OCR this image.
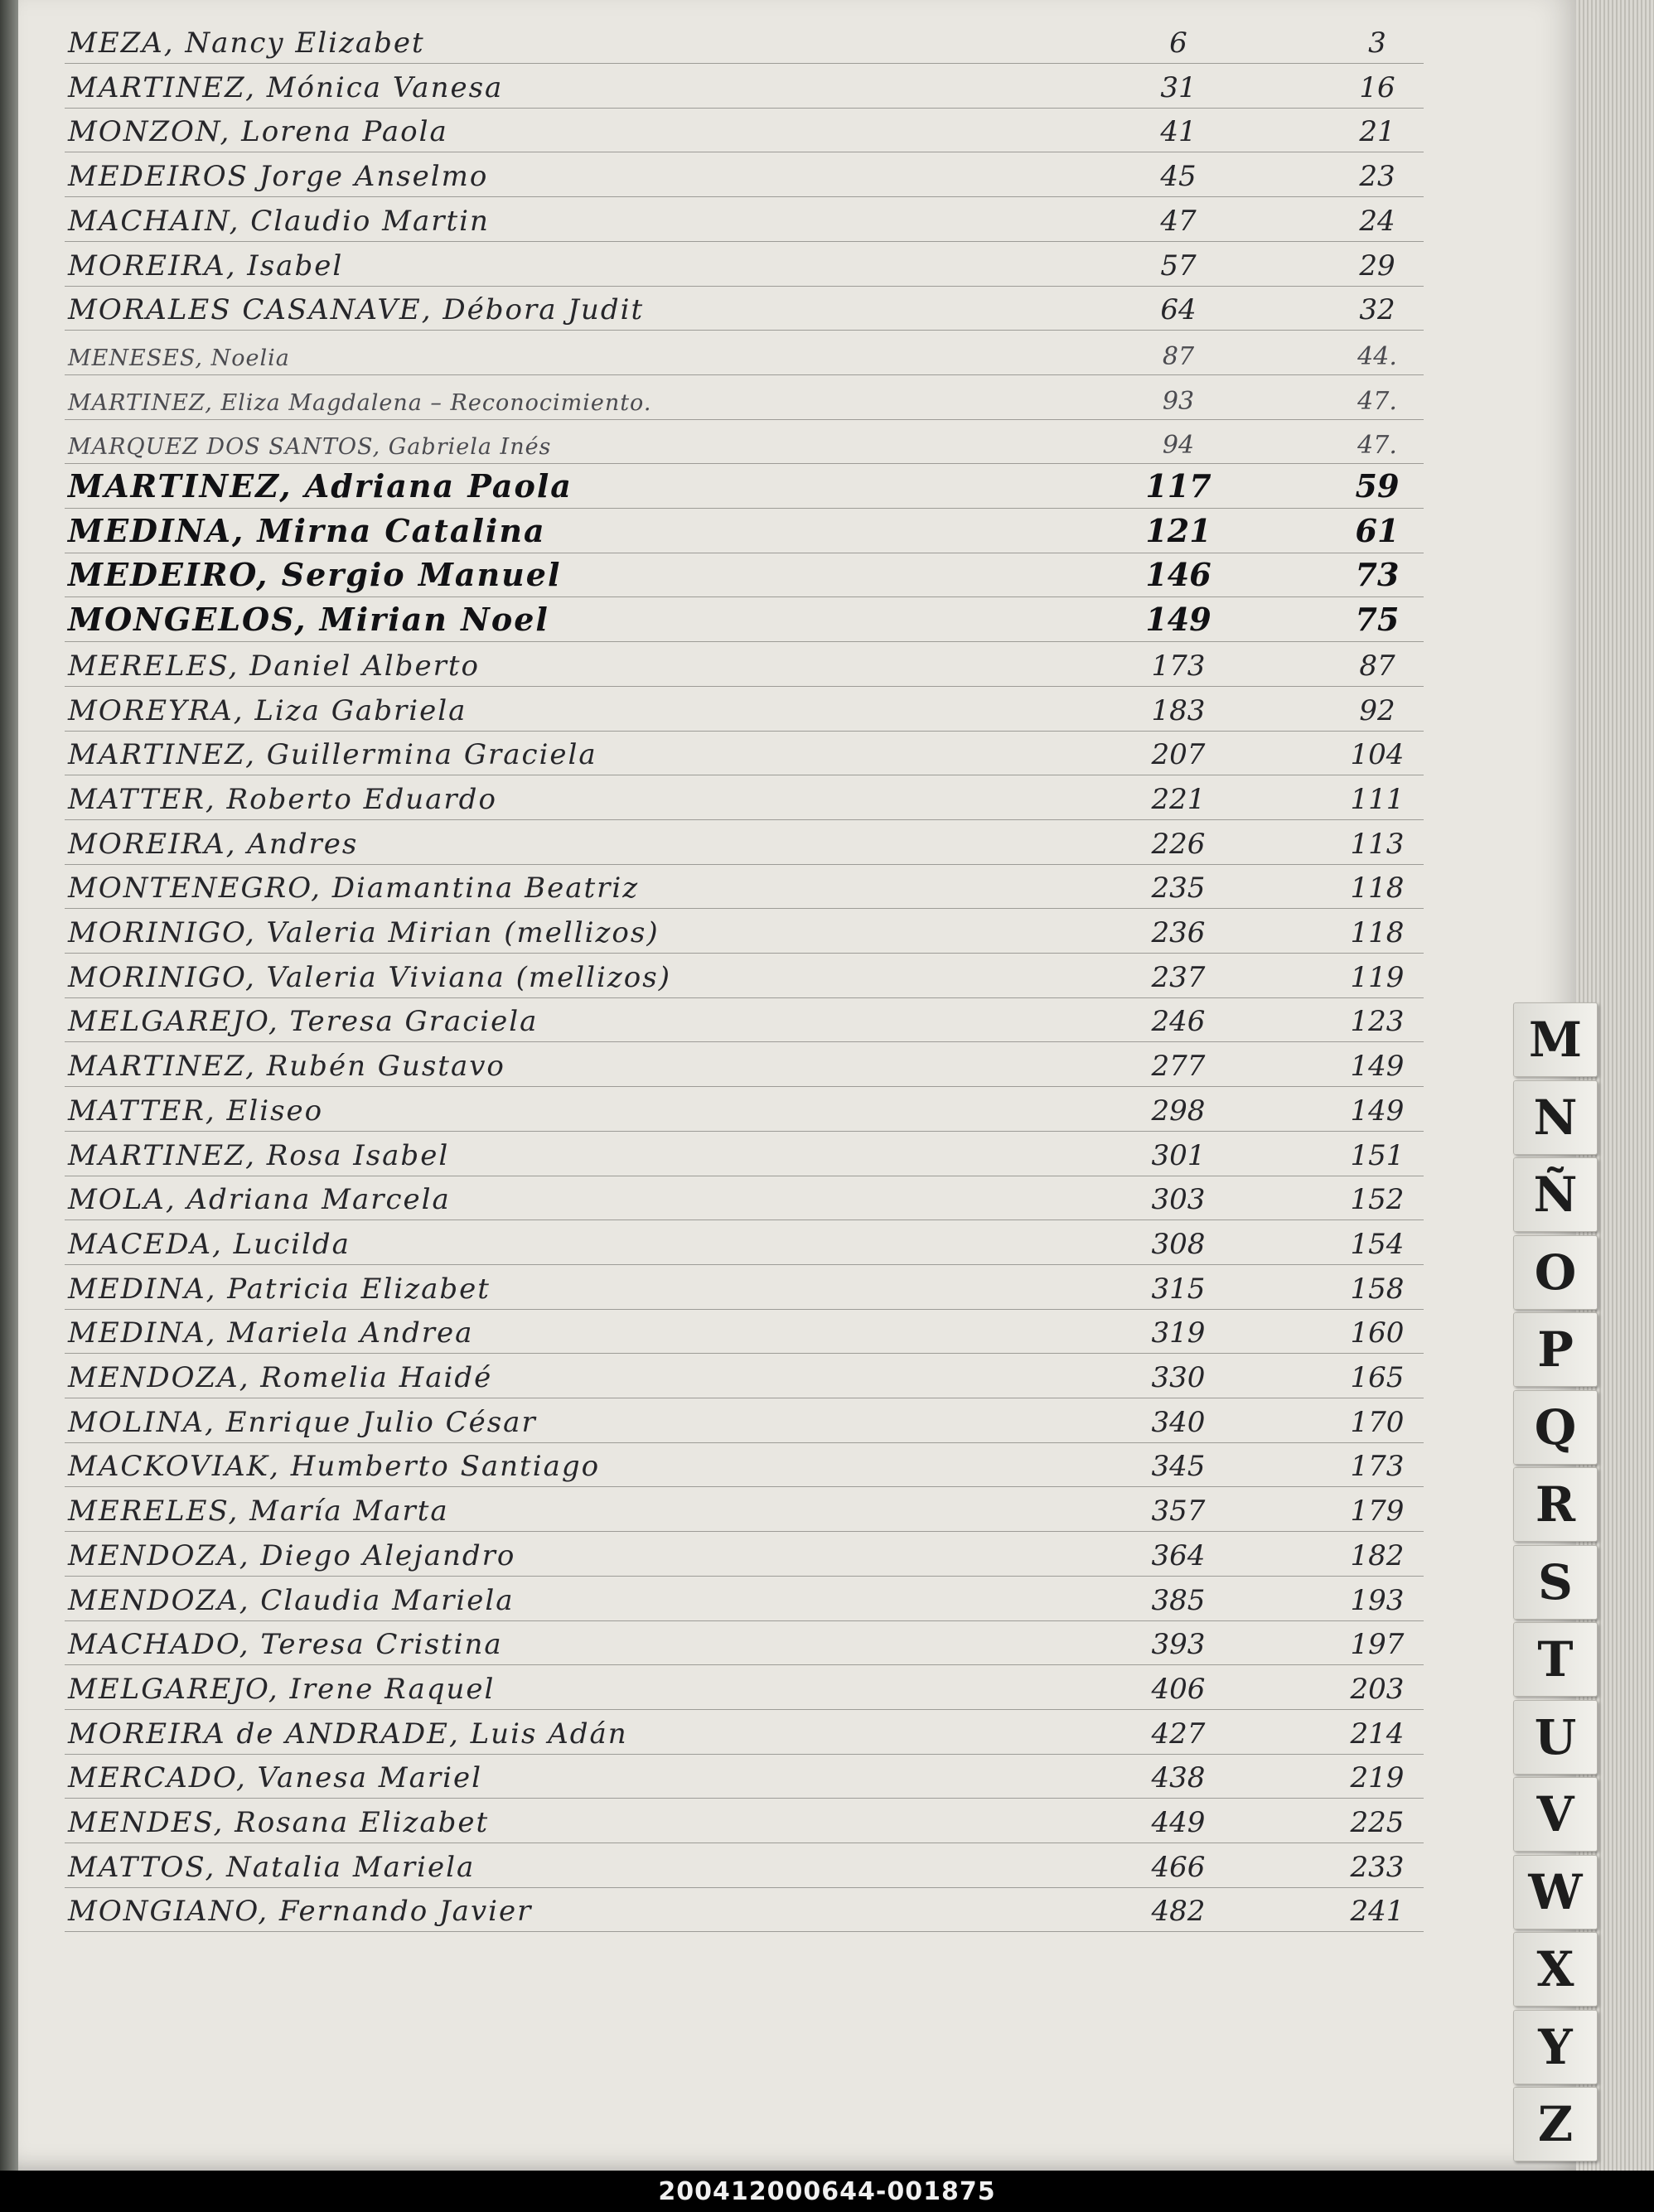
MEZA, Nancy Elizabet	6	3
MARTINEZ, Mónica Vanesa	31	16
MONZON, Lorena Paola	41	21
MEDEIROS Jorge Anselmo	45	23
MACHAIN, Claudio Martin	47	24
MOREIRA, Isabel	57	29
MORALES CASANAVE, Débora Judit	64	32
MENESES, Noelia	87	44.
MARTINEZ, Eliza Magdalena – Reconocimiento.	93	47.
MARQUEZ DOS SANTOS, Gabriela Inés	94	47.
MARTINEZ, Adriana Paola	117	59
MEDINA, Mirna Catalina	121	61
MEDEIRO, Sergio Manuel	146	73
MONGELOS, Mirian Noel	149	75
MERELES, Daniel Alberto	173	87
MOREYRA, Liza Gabriela	183	92
MARTINEZ, Guillermina Graciela	207	104
MATTER, Roberto Eduardo	221	111
MOREIRA, Andres	226	113
MONTENEGRO, Diamantina Beatriz	235	118
MORINIGO, Valeria Mirian (mellizos)	236	118
MORINIGO, Valeria Viviana (mellizos)	237	119
MELGAREJO, Teresa Graciela	246	123
MARTINEZ, Rubén Gustavo	277	149
MATTER, Eliseo	298	149
MARTINEZ, Rosa Isabel	301	151
MOLA, Adriana Marcela	303	152
MACEDA, Lucilda	308	154
MEDINA, Patricia Elizabet	315	158
MEDINA, Mariela Andrea	319	160
MENDOZA, Romelia Haidé	330	165
MOLINA, Enrique Julio César	340	170
MACKOVIAK, Humberto Santiago	345	173
MERELES, María Marta	357	179
MENDOZA, Diego Alejandro	364	182
MENDOZA, Claudia Mariela	385	193
MACHADO, Teresa Cristina	393	197
MELGAREJO, Irene Raquel	406	203
MOREIRA de ANDRADE, Luis Adán	427	214
MERCADO, Vanesa Mariel	438	219
MENDES, Rosana Elizabet	449	225
MATTOS, Natalia Mariela	466	233
MONGIANO, Fernando Javier	482	241
M
N
Ñ
O
P
Q
R
S
T
U
V
W
X
Y
Z
200412000644-001875
